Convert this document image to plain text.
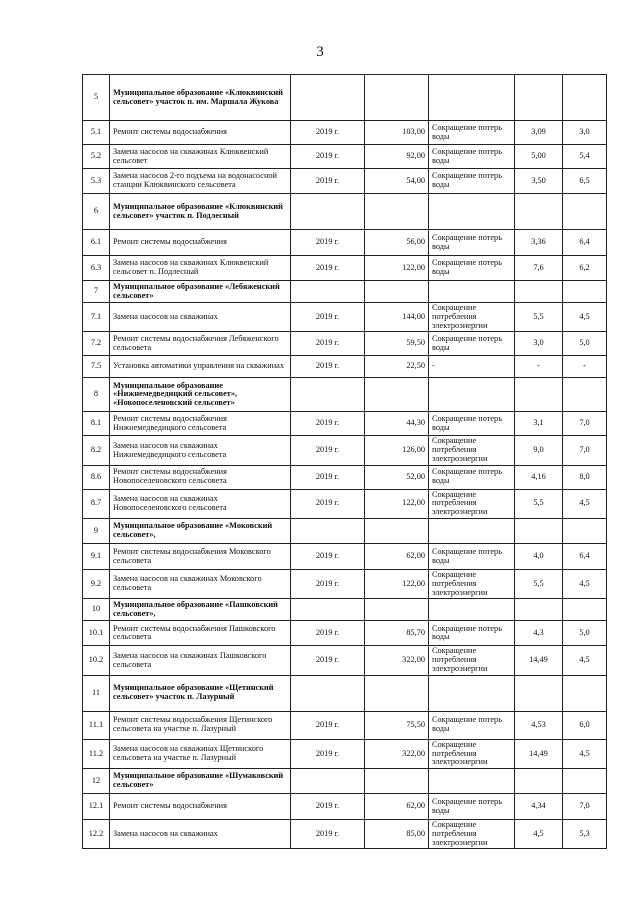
3
5	Муниципальное образование «Клюквинский сельсовет» участок п. им. Маршала Жукова					
5.1	Ремонт системы водоснабжения	2019 г.	103,00	Сокращение потерь воды	3,09	3,0
5.2	Замена насосов на скважинах Клюквенский сельсовет	2019 г.	92,00	Сокращение потерь воды	5,00	5,4
5.3	Замена насосов 2-го подъема на водонасосной станции Клюквинского сельсовета	2019 г.	54,00	Сокращение потерь воды	3,50	6,5
6	Муниципальное образование «Клюквинский сельсовет» участок п. Подлесный					
6.1	Ремонт системы водоснабжения	2019 г.	56,00	Сокращение потерь воды	3,36	6,4
6.3	Замена насосов на скважинах Клюквенский сельсовет п. Подлесный	2019 г.	122,00	Сокращение потерь воды	7,6	6,2
7	Муниципальное образование «Лебяженский сельсовет»					
7.1	Замена насосов на скважинах	2019 г.	144,00	Сокращение потребления электроэнергии	5,5	4,5
7.2	Ремонт системы водоснабжения Лебяженского сельсовета	2019 г.	59,50	Сокращение потерь воды	3,0	5,0
7.5	Установка автоматики управления на скважинах	2019 г.	22,50	-	-	-
8	Муниципальное образование «Нижнемедведицкий сельсовет», «Новопоселеновский сельсовет»					
8.1	Ремонт системы водоснабжения Нижнемедведицкого сельсовета	2019 г.	44,30	Сокращение потерь воды	3,1	7,0
8.2	Замена насосов на скважинах Нижнемедведицкого сельсовета	2019 г.	126,00	Сокращение потребления электроэнергии	9,0	7,0
8.6	Ремонт системы водоснабжения Новопоселеновского сельсовета	2019 г.	52,00	Сокращение потерь воды	4,16	8,0
8.7	Замена насосов на скважинах Новопоселеновского сельсовета	2019 г.	122,00	Сокращение потребления электроэнергии	5,5	4,5
9	Муниципальное образование «Моковский сельсовет»,					
9.1	Ремонт системы водоснабжения Моковского сельсовета	2019 г.	62,00	Сокращение потерь воды	4,0	6,4
9.2	Замена насосов на скважинах Моковского сельсовета	2019 г.	122,00	Сокращение потребления электроэнергии	5,5	4,5
10	Муниципальное образование «Пашковский сельсовет»,					
10.1	Ремонт системы водоснабжения Пашковского сельсовета	2019 г.	85,70	Сокращение потерь воды	4,3	5,0
10.2	Замена насосов на скважинах Пашковского сельсовета	2019 г.	322,00	Сокращение потребления электроэнергии	14,49	4,5
11	Муниципальное образование «Щетинский сельсовет» участок п. Лазурный					
11.1	Ремонт системы водоснабжения Щетинского сельсовета на участке п. Лазурный	2019 г.	75,50	Сокращение потерь воды	4,53	6,0
11.2	Замена насосов на скважинах Щетинского сельсовета на участке п. Лазурный	2019 г.	322,00	Сокращение потребления электроэнергии	14,49	4,5
12	Муниципальное образование «Шумаковский сельсовет»					
12.1	Ремонт системы водоснабжения	2019 г.	62,00	Сокращение потерь воды	4,34	7,0
12.2	Замена насосов на скважинах	2019 г.	85,00	Сокращение потребления электроэнергии	4,5	5,3
